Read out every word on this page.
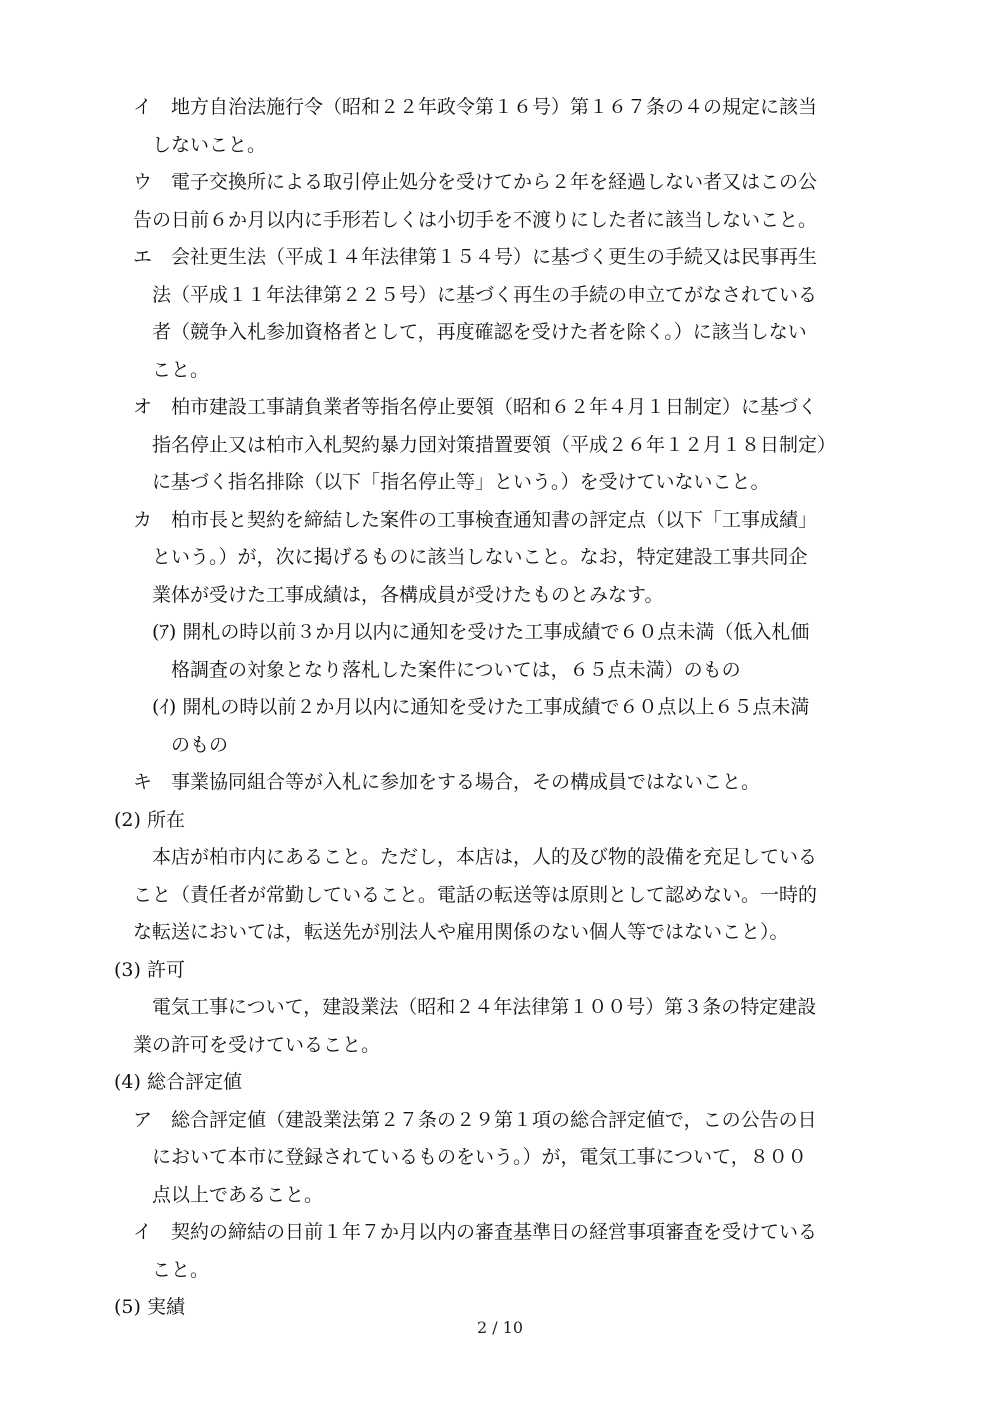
イ　地方自治法施行令（昭和２２年政令第１６号）第１６７条の４の規定に該当
しないこと。
ウ　電子交換所による取引停止処分を受けてから２年を経過しない者又はこの公
告の日前６か月以内に手形若しくは小切手を不渡りにした者に該当しないこと。
エ　会社更生法（平成１４年法律第１５４号）に基づく更生の手続又は民事再生
法（平成１１年法律第２２５号）に基づく再生の手続の申立てがなされている
者（競争入札参加資格者として，再度確認を受けた者を除く。）に該当しない
こと。
オ　柏市建設工事請負業者等指名停止要領（昭和６２年４月１日制定）に基づく
指名停止又は柏市入札契約暴力団対策措置要領（平成２６年１２月１８日制定）
に基づく指名排除（以下「指名停止等」という。）を受けていないこと。
カ　柏市長と契約を締結した案件の工事検査通知書の評定点（以下「工事成績」
という。）が，次に掲げるものに該当しないこと。なお，特定建設工事共同企
業体が受けた工事成績は，各構成員が受けたものとみなす。
(ｱ) 開札の時以前３か月以内に通知を受けた工事成績で６０点未満（低入札価
格調査の対象となり落札した案件については，６５点未満）のもの
(ｲ) 開札の時以前２か月以内に通知を受けた工事成績で６０点以上６５点未満
のもの
キ　事業協同組合等が入札に参加をする場合，その構成員ではないこと。
(2) 所在
本店が柏市内にあること。ただし，本店は，人的及び物的設備を充足している
こと（責任者が常勤していること。電話の転送等は原則として認めない。一時的
な転送においては，転送先が別法人や雇用関係のない個人等ではないこと）。
(3) 許可
電気工事について，建設業法（昭和２４年法律第１００号）第３条の特定建設
業の許可を受けていること。
(4) 総合評定値
ア　総合評定値（建設業法第２７条の２９第１項の総合評定値で，この公告の日
において本市に登録されているものをいう。）が，電気工事について，８００
点以上であること。
イ　契約の締結の日前１年７か月以内の審査基準日の経営事項審査を受けている
こと。
(5) 実績
2 / 10
